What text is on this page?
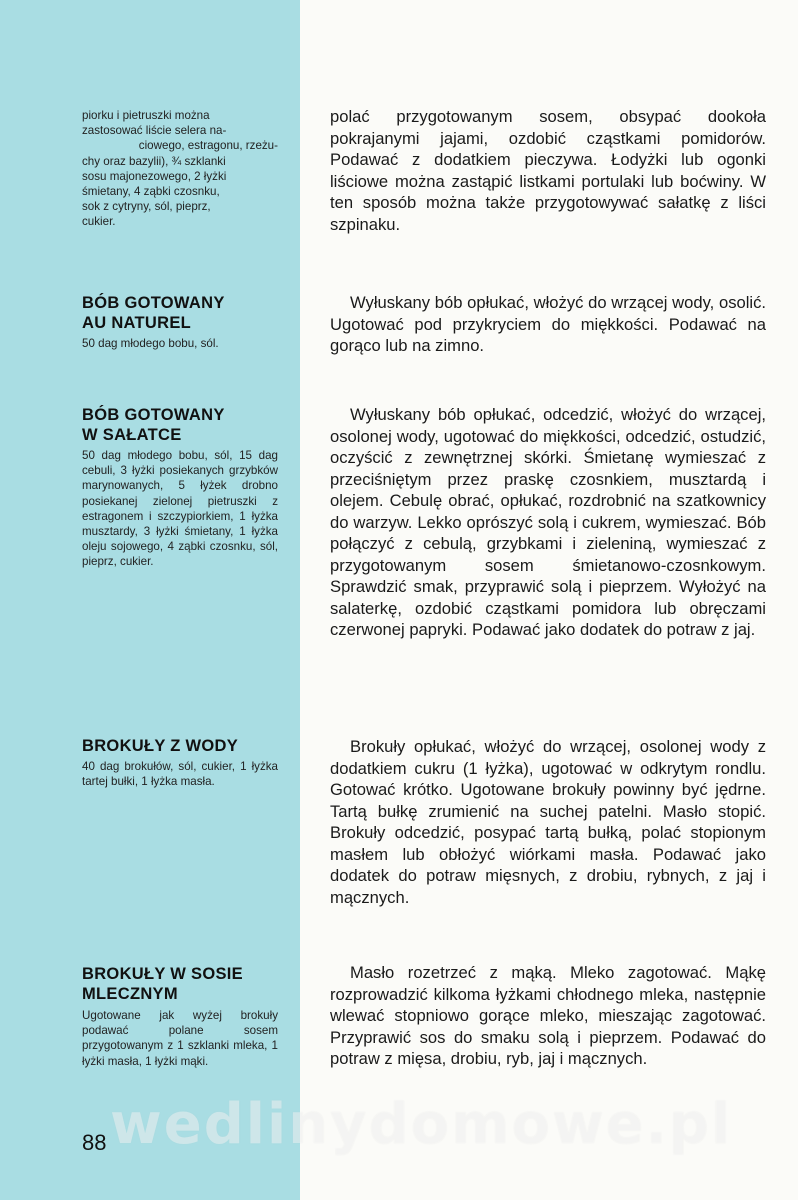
piorku i pietruszki można

zastosować liście selera na-

ciowego, estragonu, rzeżu-

chy oraz bazylii), ¾ szklanki

sosu majonezowego, 2 łyżki

śmietany, 4 ząbki czosnku,

sok z cytryny, sól, pieprz,

cukier.

polać przygotowanym sosem, obsypać dookoła pokrajanymi jajami, ozdobić cząstkami pomidorów. Podawać z dodatkiem pieczywa. Łodyżki lub ogonki liściowe można zastąpić listkami portulaki lub boćwiny. W ten sposób można także przygotowywać sałatkę z liści szpinaku.

BÓB GOTOWANY
AU NATUREL

50 dag młodego bobu, sól.

Wyłuskany bób opłukać, włożyć do wrzącej wody, osolić. Ugotować pod przykryciem do miękkości. Podawać na gorąco lub na zimno.

BÓB GOTOWANY
W SAŁATCE

50 dag młodego bobu, sól, 15 dag cebuli, 3 łyżki posiekanych grzybków marynowanych, 5 łyżek drobno posiekanej zielonej pietruszki z estragonem i szczypiorkiem, 1 łyżka musztardy, 3 łyżki śmietany, 1 łyżka oleju sojowego, 4 ząbki czosnku, sól, pieprz, cukier.

Wyłuskany bób opłukać, odcedzić, włożyć do wrzącej, osolonej wody, ugotować do miękkości, odcedzić, ostudzić, oczyścić z zewnętrznej skórki. Śmietanę wymieszać z przeciśniętym przez praskę czosnkiem, musztardą i olejem. Cebulę obrać, opłukać, rozdrobnić na szatkownicy do warzyw. Lekko oprószyć solą i cukrem, wymieszać. Bób połączyć z cebulą, grzybkami i zieleniną, wymieszać z przygotowanym sosem śmietanowo-czosnkowym. Sprawdzić smak, przyprawić solą i pieprzem. Wyłożyć na salaterkę, ozdobić cząstkami pomidora lub obręczami czerwonej papryki. Podawać jako dodatek do potraw z jaj.

BROKUŁY Z WODY

40 dag brokułów, sól, cukier, 1 łyżka tartej bułki, 1 łyżka masła.

Brokuły opłukać, włożyć do wrzącej, osolonej wody z dodatkiem cukru (1 łyżka), ugotować w odkrytym rondlu. Gotować krótko. Ugotowane brokuły powinny być jędrne. Tartą bułkę zrumienić na suchej patelni. Masło stopić. Brokuły odcedzić, posypać tartą bułką, polać stopionym masłem lub obłożyć wiórkami masła. Podawać jako dodatek do potraw mięsnych, z drobiu, rybnych, z jaj i mącznych.

BROKUŁY W SOSIE
MLECZNYM

Ugotowane jak wyżej brokuły podawać polane sosem przygotowanym z 1 szklanki mleka, 1 łyżki masła, 1 łyżki mąki.

Masło rozetrzeć z mąką. Mleko zagotować. Mąkę rozprowadzić kilkoma łyżkami chłodnego mleka, następnie wlewać stopniowo gorące mleko, mieszając zagotować. Przyprawić sos do smaku solą i pieprzem. Podawać do potraw z mięsa, drobiu, ryb, jaj i mącznych.

wedlinydomowe.pl
88
